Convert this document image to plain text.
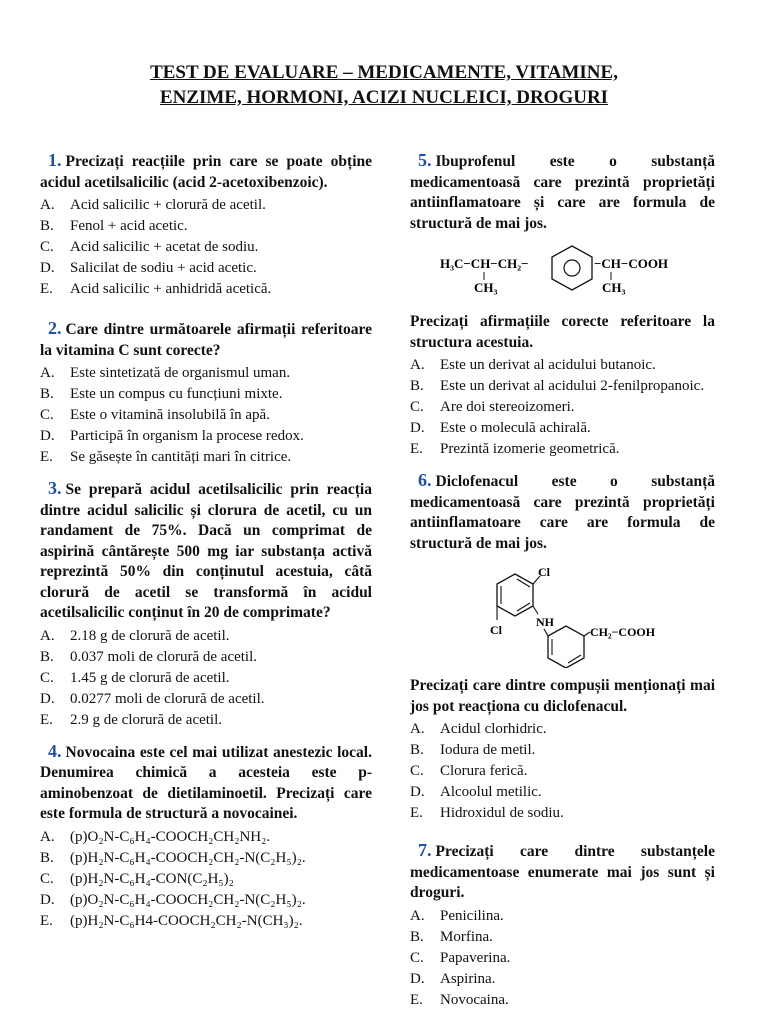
TEST DE EVALUARE – MEDICAMENTE, VITAMINE,
ENZIME, HORMONI, ACIZI NUCLEICI, DROGURI
1. Precizați reacțiile prin care se poate obține acidul acetilsalicilic (acid 2-acetoxibenzoic).
A.	Acid salicilic + clorură de acetil.
B.	Fenol + acid acetic.
C.	Acid salicilic + acetat de sodiu.
D.	Salicilat de sodiu + acid acetic.
E.	Acid salicilic + anhidridă acetică.
2. Care dintre următoarele afirmații referitoare la vitamina C sunt corecte?
A.	Este sintetizată de organismul uman.
B.	Este un compus cu funcțiuni mixte.
C.	Este o vitamină insolubilă în apă.
D.	Participă în organism la procese redox.
E.	Se găsește în cantități mari în citrice.
3. Se prepară acidul acetilsalicilic prin reacția dintre acidul salicilic și clorura de acetil, cu un randament de 75%. Dacă un comprimat de aspirină cântărește 500 mg iar substanța activă reprezintă 50% din conținutul acestuia, câtă clorură de acetil se transformă în acidul acetilsalicilic conținut în 20 de comprimate?
A.	2.18 g de clorură de acetil.
B.	0.037 moli de clorură de acetil.
C.	1.45 g de clorură de acetil.
D.	0.0277 moli de clorură de acetil.
E.	2.9 g de clorură de acetil.
4. Novocaina este cel mai utilizat anestezic local. Denumirea chimică a acesteia este p-aminobenzoat de dietilaminoetil. Precizați care este formula de structură a novocainei.
A.	(p)O₂N-C₆H₄-COOCH₂CH₂NH₂.
B.	(p)H₂N-C₆H₄-COOCH₂CH₂-N(C₂H₅)₂.
C.	(p)H₂N-C₆H₄-CON(C₂H₅)₂
D.	(p)O₂N-C₆H₄-COOCH₂CH₂-N(C₂H₅)₂.
E.	(p)H₂N-C₆H4-COOCH₂CH₂-N(CH₃)₂.
5. Ibuprofenul este o substanță medicamentoasă care prezintă proprietăți antiinflamatoare și care are formula de structură de mai jos.
H₃C−CH−CH₂−
CH₃
−CH−COOH
CH₃
Precizați afirmațiile corecte referitoare la structura acestuia.
A.	Este un derivat al acidului butanoic.
B.	Este un derivat al acidului 2-fenilpropanoic.
C.	Are doi stereoizomeri.
D.	Este o moleculă achirală.
E.	Prezintă izomerie geometrică.
6. Diclofenacul este o substanță medicamentoasă care prezintă proprietăți antiinflamatoare care are formula de structură de mai jos.
Cl
NH
Cl	CH₂−COOH
Precizați care dintre compușii menționați mai jos pot reacționa cu diclofenacul.
A.	Acidul clorhidric.
B.	Iodura de metil.
C.	Clorura ferică.
D.	Alcoolul metilic.
E.	Hidroxidul de sodiu.
7. Precizați care dintre substanțele medicamentoase enumerate mai jos sunt și droguri.
A.	Penicilina.
B.	Morfina.
C.	Papaverina.
D.	Aspirina.
E.	Novocaina.
